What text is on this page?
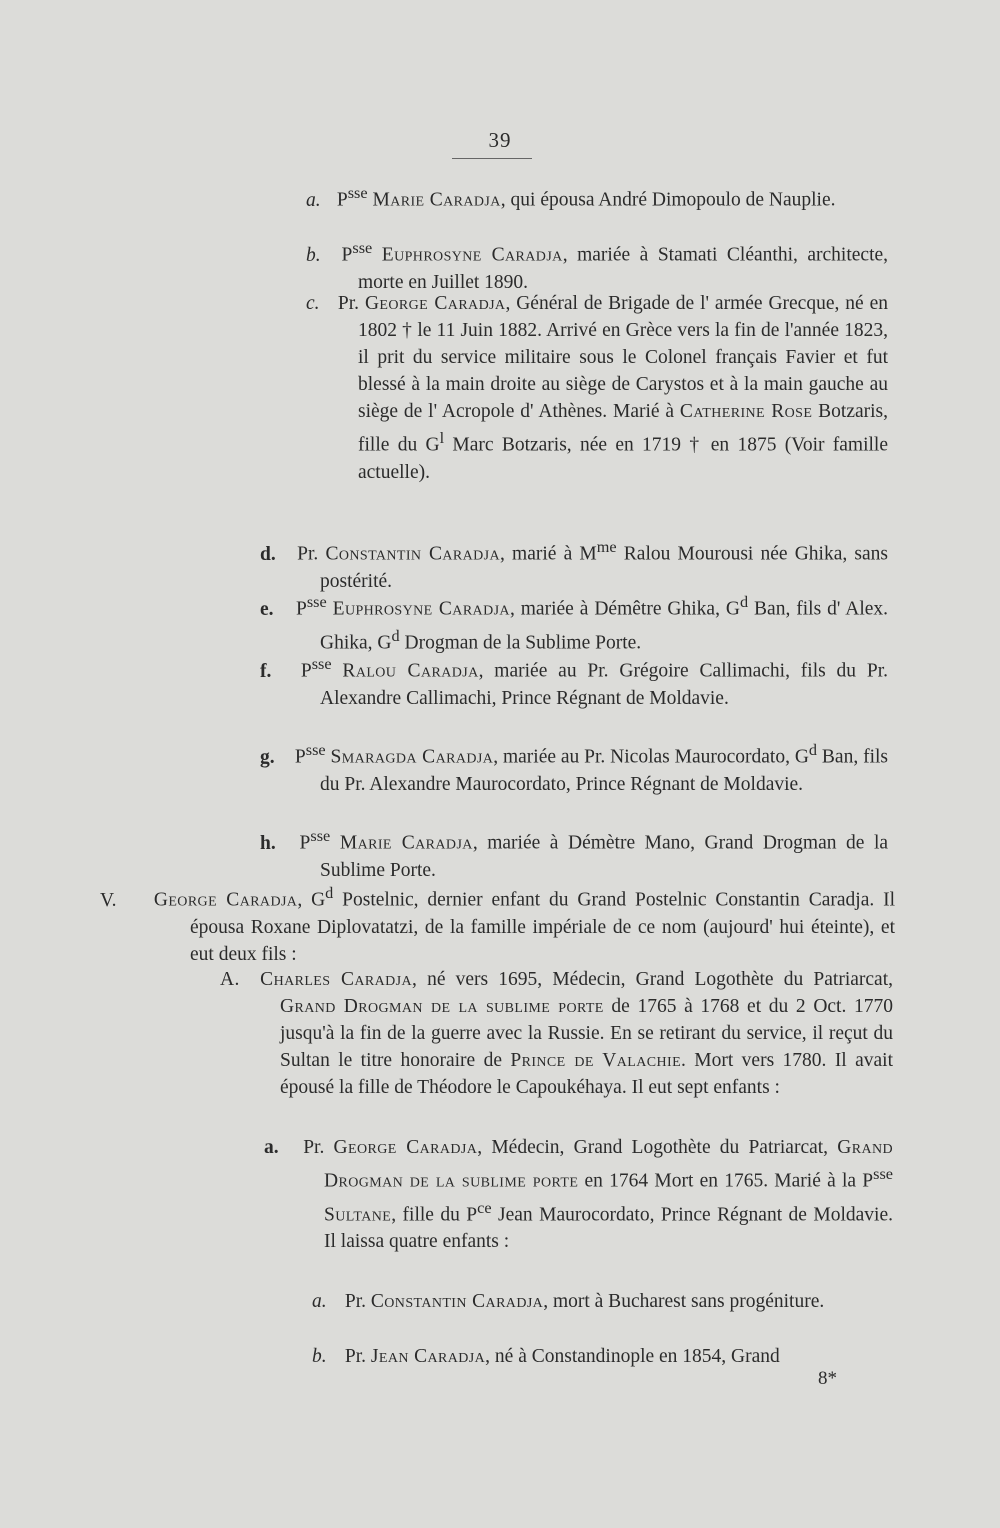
39
a. $P^{sse}$ Marie Caradja, qui épousa André Dimopoulo de Nauplie.
b. $P^{sse}$ Euphrosyne Caradja, mariée à Stamati Cléanthi, architecte, morte en Juillet 1890.
c. Pr. George Caradja, Général de Brigade de l' armée Grecque, né en 1802 † le 11 Juin 1882. Arrivé en Grèce vers la fin de l'année 1823, il prit du service militaire sous le Colonel français Favier et fut blessé à la main droite au siège de Carystos et à la main gauche au siège de l' Acropole d' Athènes. Marié à Catherine Rose Botzaris, fille du $G^l$ Marc Botzaris, née en 1719 † en 1875 (Voir famille actuelle).
d. Pr. Constantin Caradja, marié à $M^{me}$ Ralou Mourousi née Ghika, sans postérité.
e. $P^{sse}$ Euphrosyne Caradja, mariée à Démêtre Ghika, $G^d$ Ban, fils d' Alex. Ghika, $G^d$ Drogman de la Sublime Porte.
f. $P^{sse}$ Ralou Caradja, mariée au Pr. Grégoire Callimachi, fils du Pr. Alexandre Callimachi, Prince Régnant de Moldavie.
g. $P^{sse}$ Smaragda Caradja, mariée au Pr. Nicolas Maurocordato, $G^d$ Ban, fils du Pr. Alexandre Maurocordato, Prince Régnant de Moldavie.
h. $P^{sse}$ Marie Caradja, mariée à Démètre Mano, Grand Drogman de la Sublime Porte.
V. George Caradja, $G^d$ Postelnic, dernier enfant du Grand Postelnic Constantin Caradja. Il épousa Roxane Diplovatatzi, de la famille impériale de ce nom (aujourd' hui éteinte), et eut deux fils :
A. Charles Caradja, né vers 1695, Médecin, Grand Logothète du Patriarcat, Grand Drogman de la sublime porte de 1765 à 1768 et du 2 Oct. 1770 jusqu'à la fin de la guerre avec la Russie. En se retirant du service, il reçut du Sultan le titre honoraire de Prince de Valachie. Mort vers 1780. Il avait épousé la fille de Théodore le Capoukéhaya. Il eut sept enfants :
a. Pr. George Caradja, Médecin, Grand Logothète du Patriarcat, Grand Drogman de la sublime porte en 1764 Mort en 1765. Marié à la $P^{sse}$ Sultane, fille du $P^{ce}$ Jean Maurocordato, Prince Régnant de Moldavie. Il laissa quatre enfants :
a. Pr. Constantin Caradja, mort à Bucharest sans progéniture.
b. Pr. Jean Caradja, né à Constandinople en 1854, Grand
8*
